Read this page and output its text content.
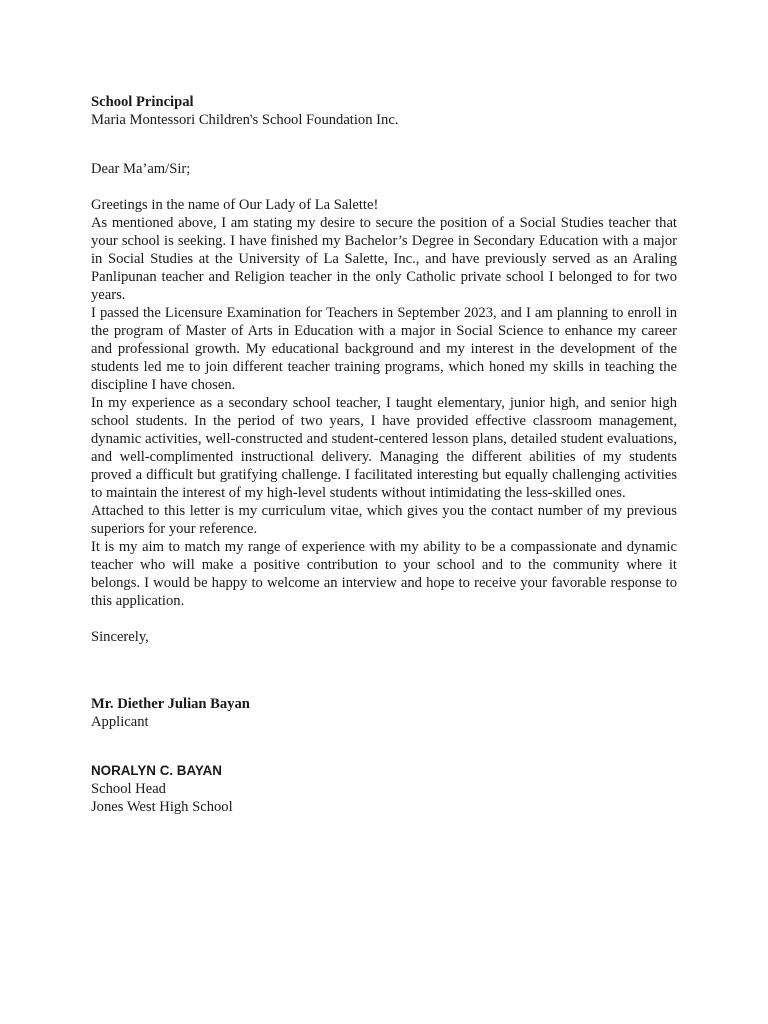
School Principal
Maria Montessori Children's School Foundation Inc.
Dear Ma’am/Sir;
Greetings in the name of Our Lady of La Salette!

As mentioned above, I am stating my desire to secure the position of a Social Studies teacher that your school is seeking. I have finished my Bachelor’s Degree in Secondary Education with a major in Social Studies at the University of La Salette, Inc., and have previously served as an Araling Panlipunan teacher and Religion teacher in the only Catholic private school I belonged to for two years.

I passed the Licensure Examination for Teachers in September 2023, and I am planning to enroll in the program of Master of Arts in Education with a major in Social Science to enhance my career and professional growth. My educational background and my interest in the development of the students led me to join different teacher training programs, which honed my skills in teaching the discipline I have chosen.

In my experience as a secondary school teacher, I taught elementary, junior high, and senior high school students. In the period of two years, I have provided effective classroom management, dynamic activities, well-constructed and student-centered lesson plans, detailed student evaluations, and well-complimented instructional delivery. Managing the different abilities of my students proved a difficult but gratifying challenge. I facilitated interesting but equally challenging activities to maintain the interest of my high-level students without intimidating the less-skilled ones.

Attached to this letter is my curriculum vitae, which gives you the contact number of my previous superiors for your reference.

It is my aim to match my range of experience with my ability to be a compassionate and dynamic teacher who will make a positive contribution to your school and to the community where it belongs. I would be happy to welcome an interview and hope to receive your favorable response to this application.

Sincerely,
Mr. Diether Julian Bayan
Applicant
NORALYN C. BAYAN
School Head
Jones West High School
